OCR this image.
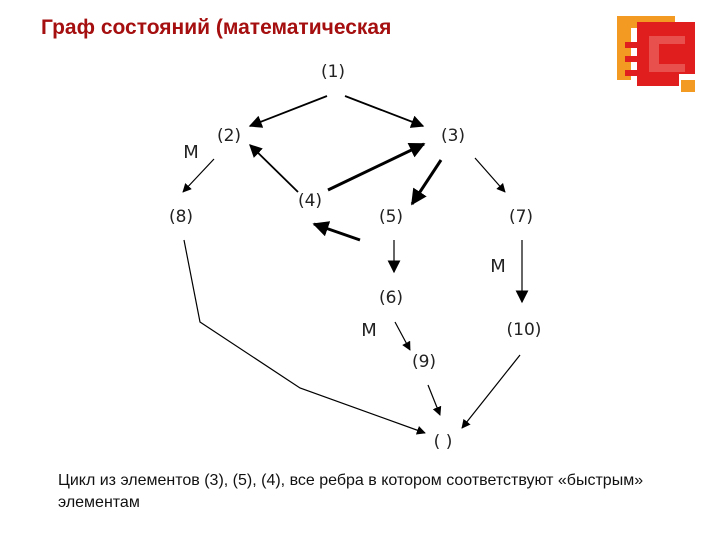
Граф состояний (математическая
(1)
(2)	(3)
(4)
(5)
(6)
(7)
(8)
(9)
(10)
( )
M
M
M

Цикл из элементов (3), (5), (4), все ребра в котором соответствуют «быстрым» элементам
